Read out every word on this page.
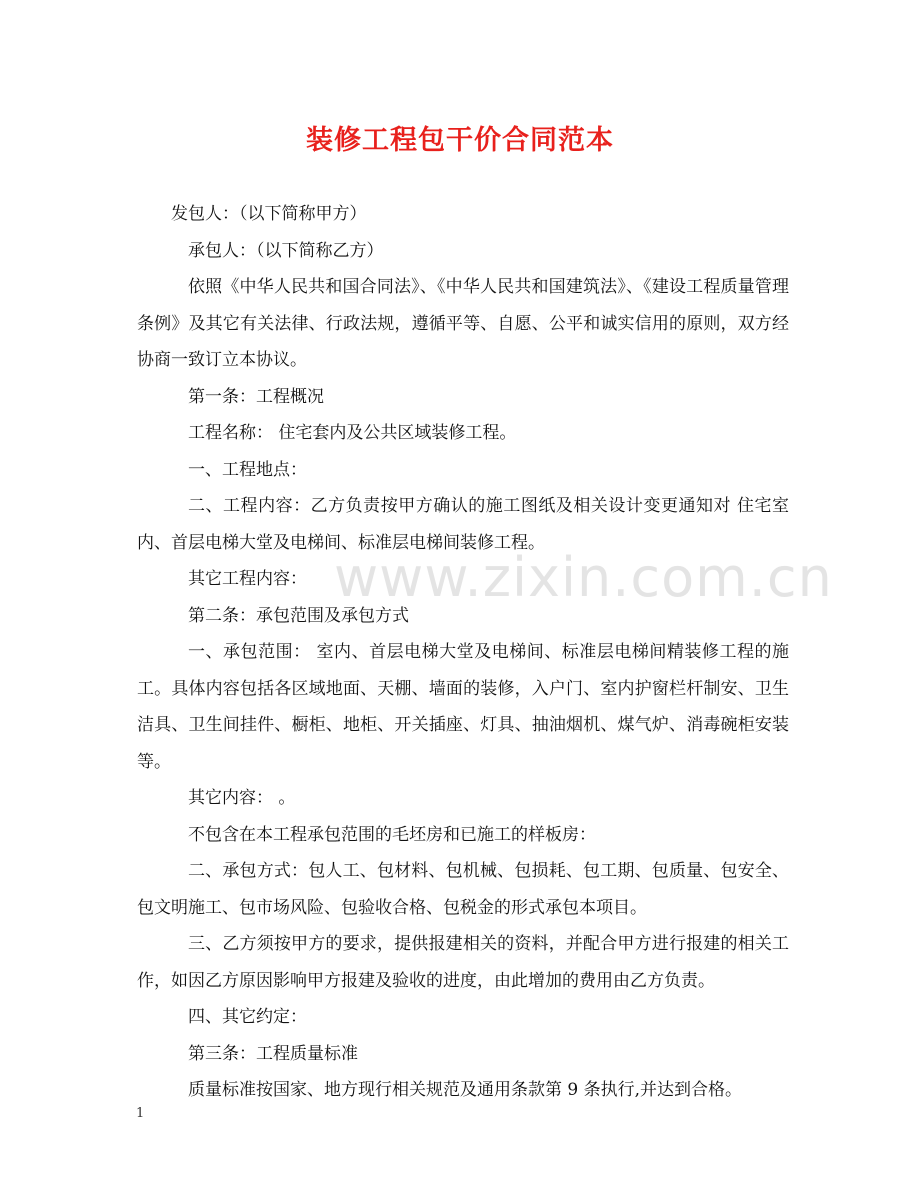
装修工程包干价合同范本
www.zixin.com.cn

发包人：（以下简称甲方）

承包人：（以下简称乙方）

依照《中华人民共和国合同法》、《中华人民共和国建筑法》、《建设工程质量管理条例》及其它有关法律、行政法规，遵循平等、自愿、公平和诚实信用的原则，双方经协商一致订立本协议。

第一条：工程概况

工程名称： 住宅套内及公共区域装修工程。

一、工程地点：

二、工程内容：乙方负责按甲方确认的施工图纸及相关设计变更通知对 住宅室内、首层电梯大堂及电梯间、标准层电梯间装修工程。

其它工程内容：

第二条：承包范围及承包方式

一、承包范围： 室内、首层电梯大堂及电梯间、标准层电梯间精装修工程的施工。具体内容包括各区域地面、天棚、墙面的装修，入户门、室内护窗栏杆制安、卫生洁具、卫生间挂件、橱柜、地柜、开关插座、灯具、抽油烟机、煤气炉、消毒碗柜安装等。

其它内容： 。

不包含在本工程承包范围的毛坯房和已施工的样板房：

二、承包方式：包人工、包材料、包机械、包损耗、包工期、包质量、包安全、包文明施工、包市场风险、包验收合格、包税金的形式承包本项目。

三、乙方须按甲方的要求，提供报建相关的资料，并配合甲方进行报建的相关工作，如因乙方原因影响甲方报建及验收的进度，由此增加的费用由乙方负责。

四、其它约定：

第三条：工程质量标准

质量标准按国家、地方现行相关规范及通用条款第 9 条执行,并达到合格。

1
